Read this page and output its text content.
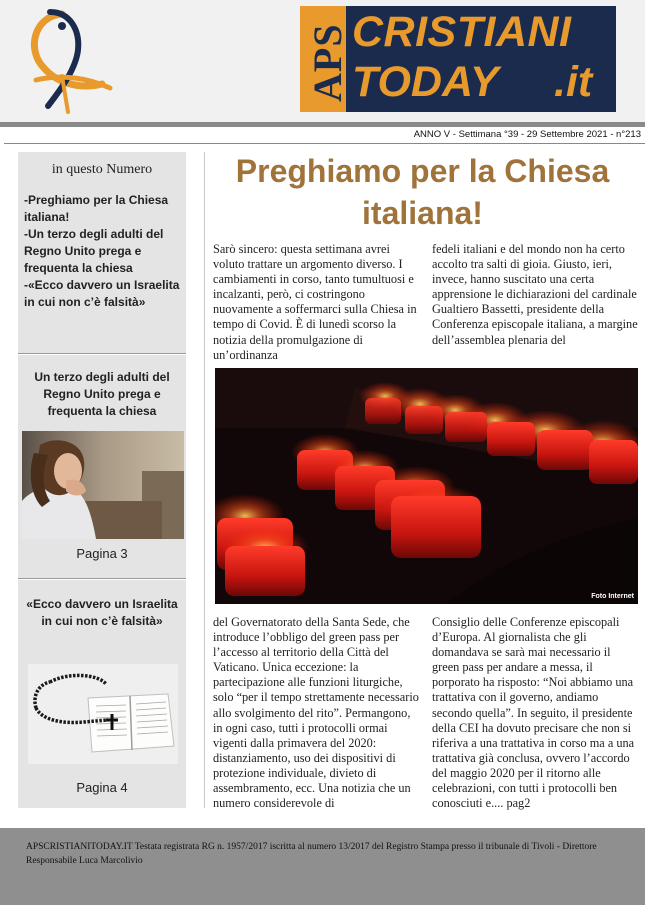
APS CRISTIANI
TODAY .it
ANNO V - Settimana °39 - 29 Settembre 2021 - n°213
in questo Numero
-Preghiamo per la Chiesa italiana!
-Un terzo degli adulti del Regno Unito prega e frequenta la chiesa
-«Ecco davvero un Israelita in cui non c’è falsità»
Un terzo degli adulti del Regno Unito prega e frequenta la chiesa
Pagina 3
«Ecco davvero un Israelita in cui non c’è falsità»
Pagina 4
Preghiamo per la Chiesa italiana!
Sarò sincero: questa settimana avrei voluto trattare un argomento diverso. I cambiamenti in corso, tanto tumultuosi e incalzanti, però, ci costringono nuovamente a soffermarci sulla Chiesa in tempo di Covid. È di lunedì scorso la notizia della promulgazione di un’ordinanza
fedeli italiani e del mondo non ha certo accolto tra salti di gioia. Giusto, ieri, invece, hanno suscitato una certa apprensione le dichiarazioni del cardinale Gualtiero Bassetti, presidente della Conferenza episcopale italiana, a margine dell’assemblea plenaria del
Foto Internet
del Governatorato della Santa Sede, che introduce l’obbligo del green pass per l’accesso al territorio della Città del Vaticano. Unica eccezione: la partecipazione alle funzioni liturgiche, solo “per il tempo strettamente necessario allo svolgimento del rito”. Permangono, in ogni caso, tutti i protocolli ormai vigenti dalla primavera del 2020: distanziamento, uso dei dispositivi di protezione individuale, divieto di assembramento, ecc. Una notizia che un numero considerevole di
Consiglio delle Conferenze episcopali d’Europa. Al giornalista che gli domandava se sarà mai necessario il green pass per andare a messa, il porporato ha risposto: “Noi abbiamo una trattativa con il governo, andiamo secondo quella”. In seguito, il presidente della CEI ha dovuto precisare che non si riferiva a una trattativa in corso ma a una trattativa già conclusa, ovvero l’accordo del maggio 2020 per il ritorno alle celebrazioni, con tutti i protocolli ben conosciuti e.... pag2
APSCRISTIANITODAY.IT Testata registrata RG n. 1957/2017 iscritta al numero 13/2017 del Registro Stampa presso il tribunale di Tivoli - Direttore Responsabile Luca Marcolivio
